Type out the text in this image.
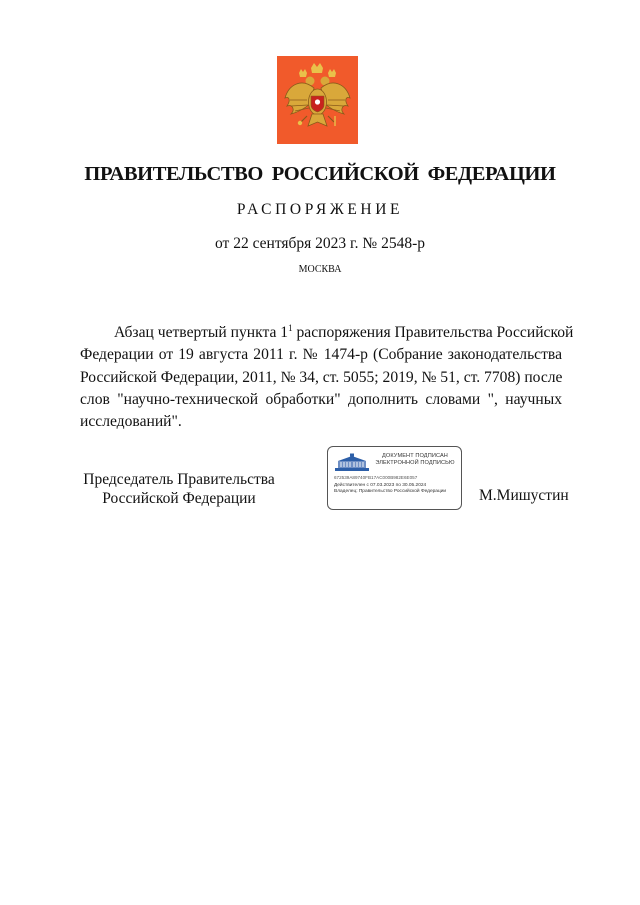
ПРАВИТЕЛЬСТВО РОССИЙСКОЙ ФЕДЕРАЦИИ
РАСПОРЯЖЕНИЕ
от 22 сентября 2023 г. № 2548-р
МОСКВА
Абзац четвертый пункта $1^1$ распоряжения Правительства Российской
Федерации от 19 августа 2011 г. № 1474-р (Собрание законодательства
Российской Федерации, 2011, № 34, ст. 5055; 2019, № 51, ст. 7708) после
слов "научно-технической обработки" дополнить словами ", научных
исследований".
Председатель Правительства
Российской Федерации
ДОКУМЕНТ ПОДПИСАН
ЭЛЕКТРОННОЙ ПОДПИСЬЮ
672539A89740FB17AC000B982E6E057
Действителен с 07.03.2023 по 30.05.2024
Владелец: Правительство Российской Федерации	М.Мишустин
